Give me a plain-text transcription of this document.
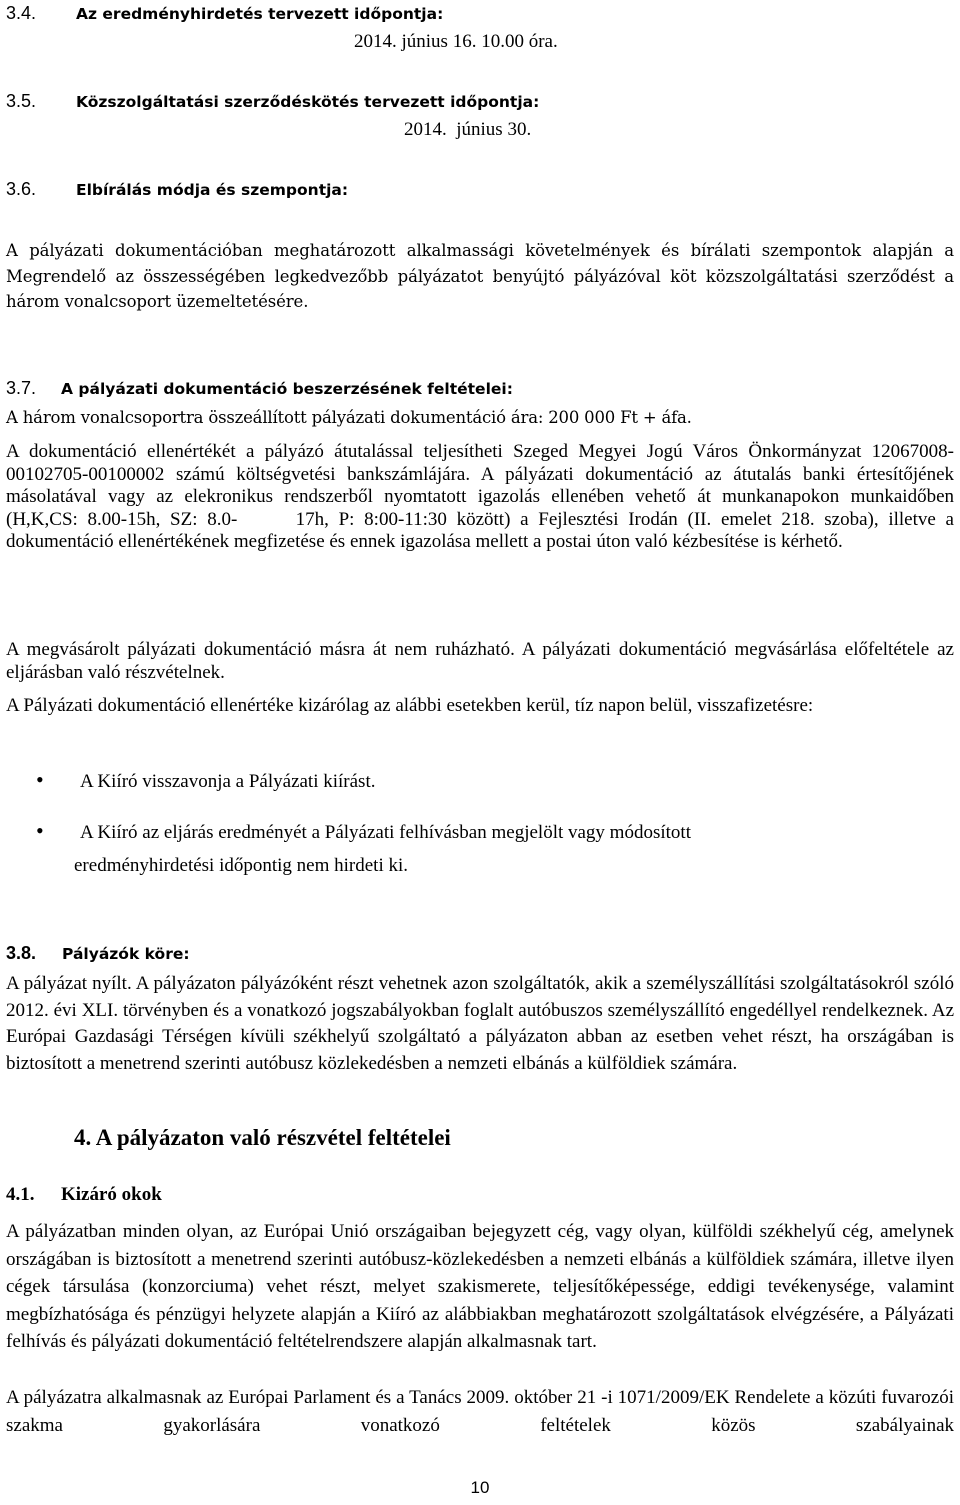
3.4.	Az eredményhirdetés tervezett időpontja:
2014. június 16. 10.00 óra.
3.5.	Közszolgáltatási szerződéskötés tervezett időpontja:
2014.  június 30.
3.6.	Elbírálás módja és szempontja:
A pályázati dokumentációban meghatározott alkalmassági követelmények és bírálati szempontok alapján a Megrendelő az összességében legkedvezőbb pályázatot benyújtó pályázóval köt közszolgáltatási szerződést a három vonalcsoport üzemeltetésére.
3.7. A pályázati dokumentáció beszerzésének feltételei:
A három vonalcsoportra összeállított pályázati dokumentáció ára: 200 000 Ft + áfa.
A dokumentáció ellenértékét a pályázó átutalással teljesítheti Szeged Megyei Jogú Város Önkormányzat 12067008-00102705-00100002 számú költségvetési bankszámlájára. A pályázati dokumentáció az átutalás banki értesítőjének másolatával vagy az elekronikus rendszerből nyomtatott igazolás ellenében vehető át munkanapokon munkaidőben (H,K,CS: 8.00-15h, SZ: 8.0-      17h, P: 8:00-11:30 között) a Fejlesztési Irodán (II. emelet 218. szoba), illetve a dokumentáció ellenértékének megfizetése és ennek igazolása mellett a postai úton való kézbesítése is kérhető.
A megvásárolt pályázati dokumentáció másra át nem ruházható. A pályázati dokumentáció megvásárlása előfeltétele az eljárásban való részvételnek.
A Pályázati dokumentáció ellenértéke kizárólag az alábbi esetekben kerül, tíz napon belül, visszafizetésre:
• A Kiíró visszavonja a Pályázati kiírást.
• A Kiíró az eljárás eredményét a Pályázati felhívásban megjelölt vagy módosított
eredményhirdetési időpontig nem hirdeti ki.
3.8. Pályázók köre:
A pályázat nyílt. A pályázaton pályázóként részt vehetnek azon szolgáltatók, akik a személyszállítási szolgáltatásokról szóló 2012. évi XLI. törvényben és a vonatkozó jogszabályokban foglalt autóbuszos személyszállító engedéllyel rendelkeznek. Az Európai Gazdasági Térségen kívüli székhelyű szolgáltató a pályázaton abban az esetben vehet részt, ha országában is biztosított a menetrend szerinti autóbusz közlekedésben a nemzeti elbánás a külföldiek számára.
4. A pályázaton való részvétel feltételei
4.1. Kizáró okok
A pályázatban minden olyan, az Európai Unió országaiban bejegyzett cég, vagy olyan, külföldi székhelyű cég, amelynek országában is biztosított a menetrend szerinti autóbusz-közlekedésben a nemzeti elbánás a külföldiek számára, illetve ilyen cégek társulása (konzorciuma) vehet részt, melyet szakismerete, teljesítőképessége, eddigi tevékenysége, valamint megbízhatósága és pénzügyi helyzete alapján a Kiíró az alábbiakban meghatározott szolgáltatások elvégzésére, a Pályázati felhívás és pályázati dokumentáció feltételrendszere alapján alkalmasnak tart.
A pályázatra alkalmasnak az Európai Parlament és a Tanács 2009. október 21 -i 1071/2009/EK Rendelete a közúti fuvarozói szakma gyakorlására vonatkozó feltételek közös szabályainak
10
